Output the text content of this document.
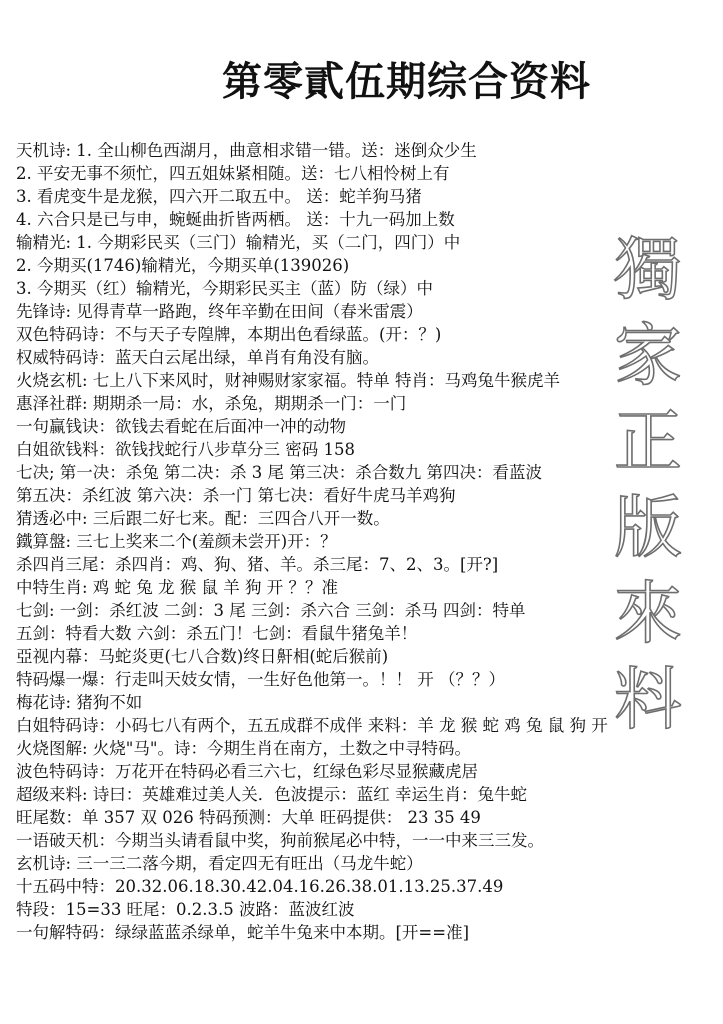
第零貳伍期综合资料
天机诗: 1. 全山柳色西湖月，曲意相求错一错。送：迷倒众少生
2. 平安无事不须忙，四五姐妹紧相随。送：七八相怜树上有
3. 看虎变牛是龙猴，四六开二取五中。 送：蛇羊狗马猪
4. 六合只是已与申，蜿蜒曲折皆两栖。 送：十九一码加上数
输精光: 1. 今期彩民买（三门）输精光，买（二门，四门）中
2. 今期买(1746)输精光，今期买单(139026)
3. 今期买（红）输精光，今期彩民买主（蓝）防（绿）中
先锋诗: 见得青草一路跑，终年辛勤在田间（春米雷震）
双色特码诗：不与天子专隍牌，本期出色看绿蓝。(开：？)
权威特码诗：蓝天白云尾出绿，单肖有角没有脑。
火烧玄机: 七上八下来风时，财神赐财家家福。特单 特肖：马鸡兔牛猴虎羊
惠泽社群: 期期杀一局：水，杀兔，期期杀一门：一门
一句赢钱诀：欲钱去看蛇在后面冲一冲的动物
白姐欲钱料：欲钱找蛇行八步草分三 密码 158
七决; 第一决：杀兔 第二决：杀 3 尾 第三决：杀合数九 第四决：看蓝波
第五决：杀红波 第六决：杀一门 第七决：看好牛虎马羊鸡狗
猜透必中: 三后跟二好七来。配：三四合八开一数。
鐵算盤: 三七上奖来二个(羞颜未尝开)开：？
杀四肖三尾：杀四肖：鸡、狗、猪、羊。杀三尾：7、2、3。[开?]
中特生肖: 鸡 蛇 兔 龙 猴 鼠 羊 狗 开 ？？准
七剑: 一剑：杀红波 二剑：3 尾 三剑：杀六合 三剑：杀马 四剑：特单
五剑：特看大数 六剑：杀五门！七剑：看鼠牛猪兔羊！
亞视内幕：马蛇炎更(七八合数)终日鼾相(蛇后猴前)
特码爆一爆：行走叫天妓女情，一生好色他第一。！！ 开 （？？）
梅花诗: 猪狗不如
白姐特码诗：小码七八有两个，五五成群不成伴 来料：羊 龙 猴 蛇 鸡 兔 鼠 狗 开
火烧图解: 火烧"马"。诗：今期生肖在南方，土数之中寻特码。
波色特码诗：万花开在特码必看三六七，红绿色彩尽显猴藏虎居
超级来料: 诗曰：英雄难过美人关．色波提示：蓝红 幸运生肖：兔牛蛇
旺尾数：单 357 双 026 特码预测：大单 旺码提供： 23 35 49
一语破天机：今期当头请看鼠中奖，狗前猴尾必中特，一一中来三三发。
玄机诗: 三一三二落今期，看定四无有旺出（马龙牛蛇）
十五码中特：20.32.06.18.30.42.04.16.26.38.01.13.25.37.49
特段：15=33 旺尾：0.2.3.5 波路：蓝波红波
一句解特码：绿绿蓝蓝杀绿单，蛇羊牛兔来中本期。[开==准]
獨
家
正
版
來
料
